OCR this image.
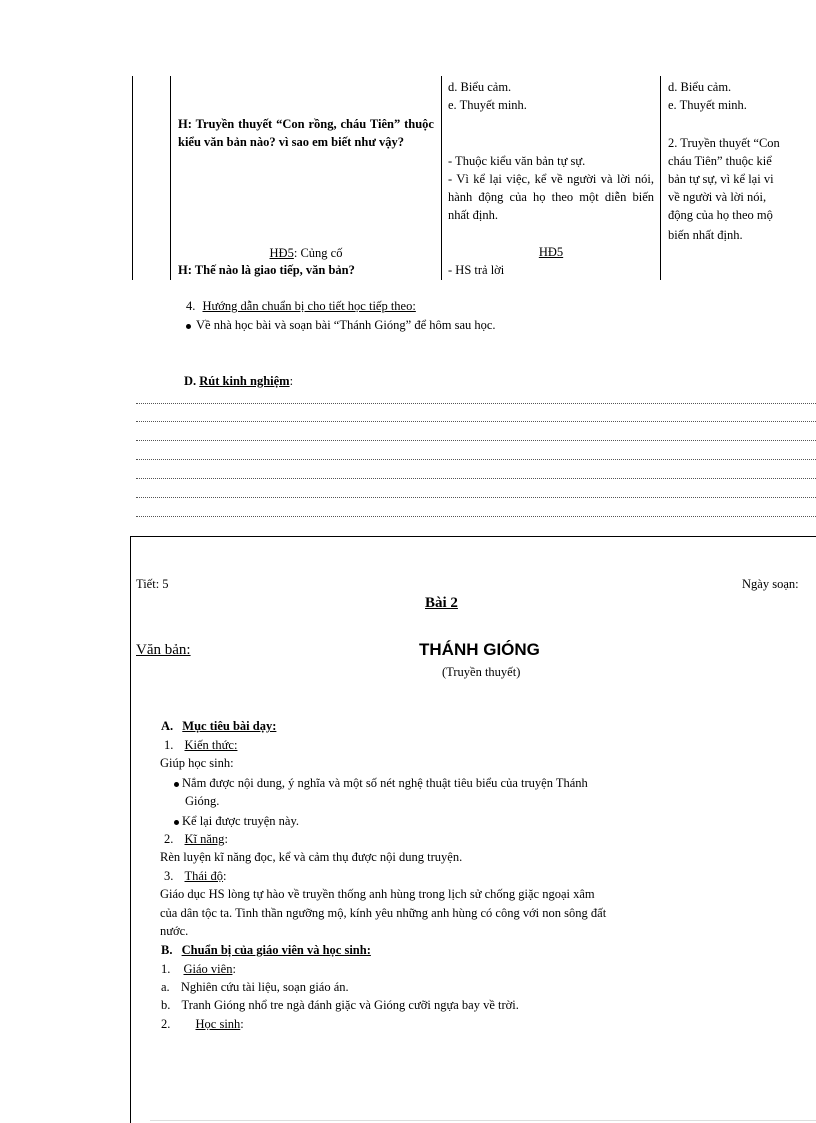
H: Truyền thuyết “Con rồng, cháu Tiên” thuộc kiểu văn bản nào? vì sao em biết như vậy?
HĐ5: Củng cố
H: Thế nào là giao tiếp, văn bản?
d. Biểu cảm.
e. Thuyết minh.
- Thuộc kiểu văn bản tự sự.
- Vì kể lại việc, kể về người và lời nói, hành động của họ theo một diễn biến nhất định.
HĐ5
- HS trả lời
d. Biểu cảm.
e. Thuyết minh.
2. Truyền thuyết “Con
cháu Tiên” thuộc kiể
bản tự sự, vì kể lại vi
về người và lời nói,
động của họ theo mộ
biến nhất định.
4. Hướng dẫn chuẩn bị cho tiết học tiếp theo:
Về nhà học bài và soạn bài “Thánh Gióng” để hôm sau học.
D. Rút kinh nghiệm:
Tiết: 5	Ngày soạn:
Bài 2
Văn bản:	THÁNH GIÓNG
(Truyền thuyết)
A. Mục tiêu bài dạy:
1. Kiến thức:
Giúp học sinh:
Nắm được nội dung, ý nghĩa và một số nét nghệ thuật tiêu biểu của truyện Thánh
Gióng.
Kể lại được truyện này.
2. Kĩ năng:
Rèn luyện kĩ năng đọc, kể và cảm thụ được nội dung truyện.
3. Thái độ:
Giáo dục HS lòng tự hào về truyền thống anh hùng trong lịch sử chống giặc ngoại xâm
của dân tộc ta. Tinh thần ngưỡng mộ, kính yêu những anh hùng có công với non sông đất
nước.
B. Chuẩn bị của giáo viên và học sinh:
1. Giáo viên:
a. Nghiên cứu tài liệu, soạn giáo án.
b. Tranh Gióng nhổ tre ngà đánh giặc và Gióng cưỡi ngựa bay về trời.
2. Học sinh:
